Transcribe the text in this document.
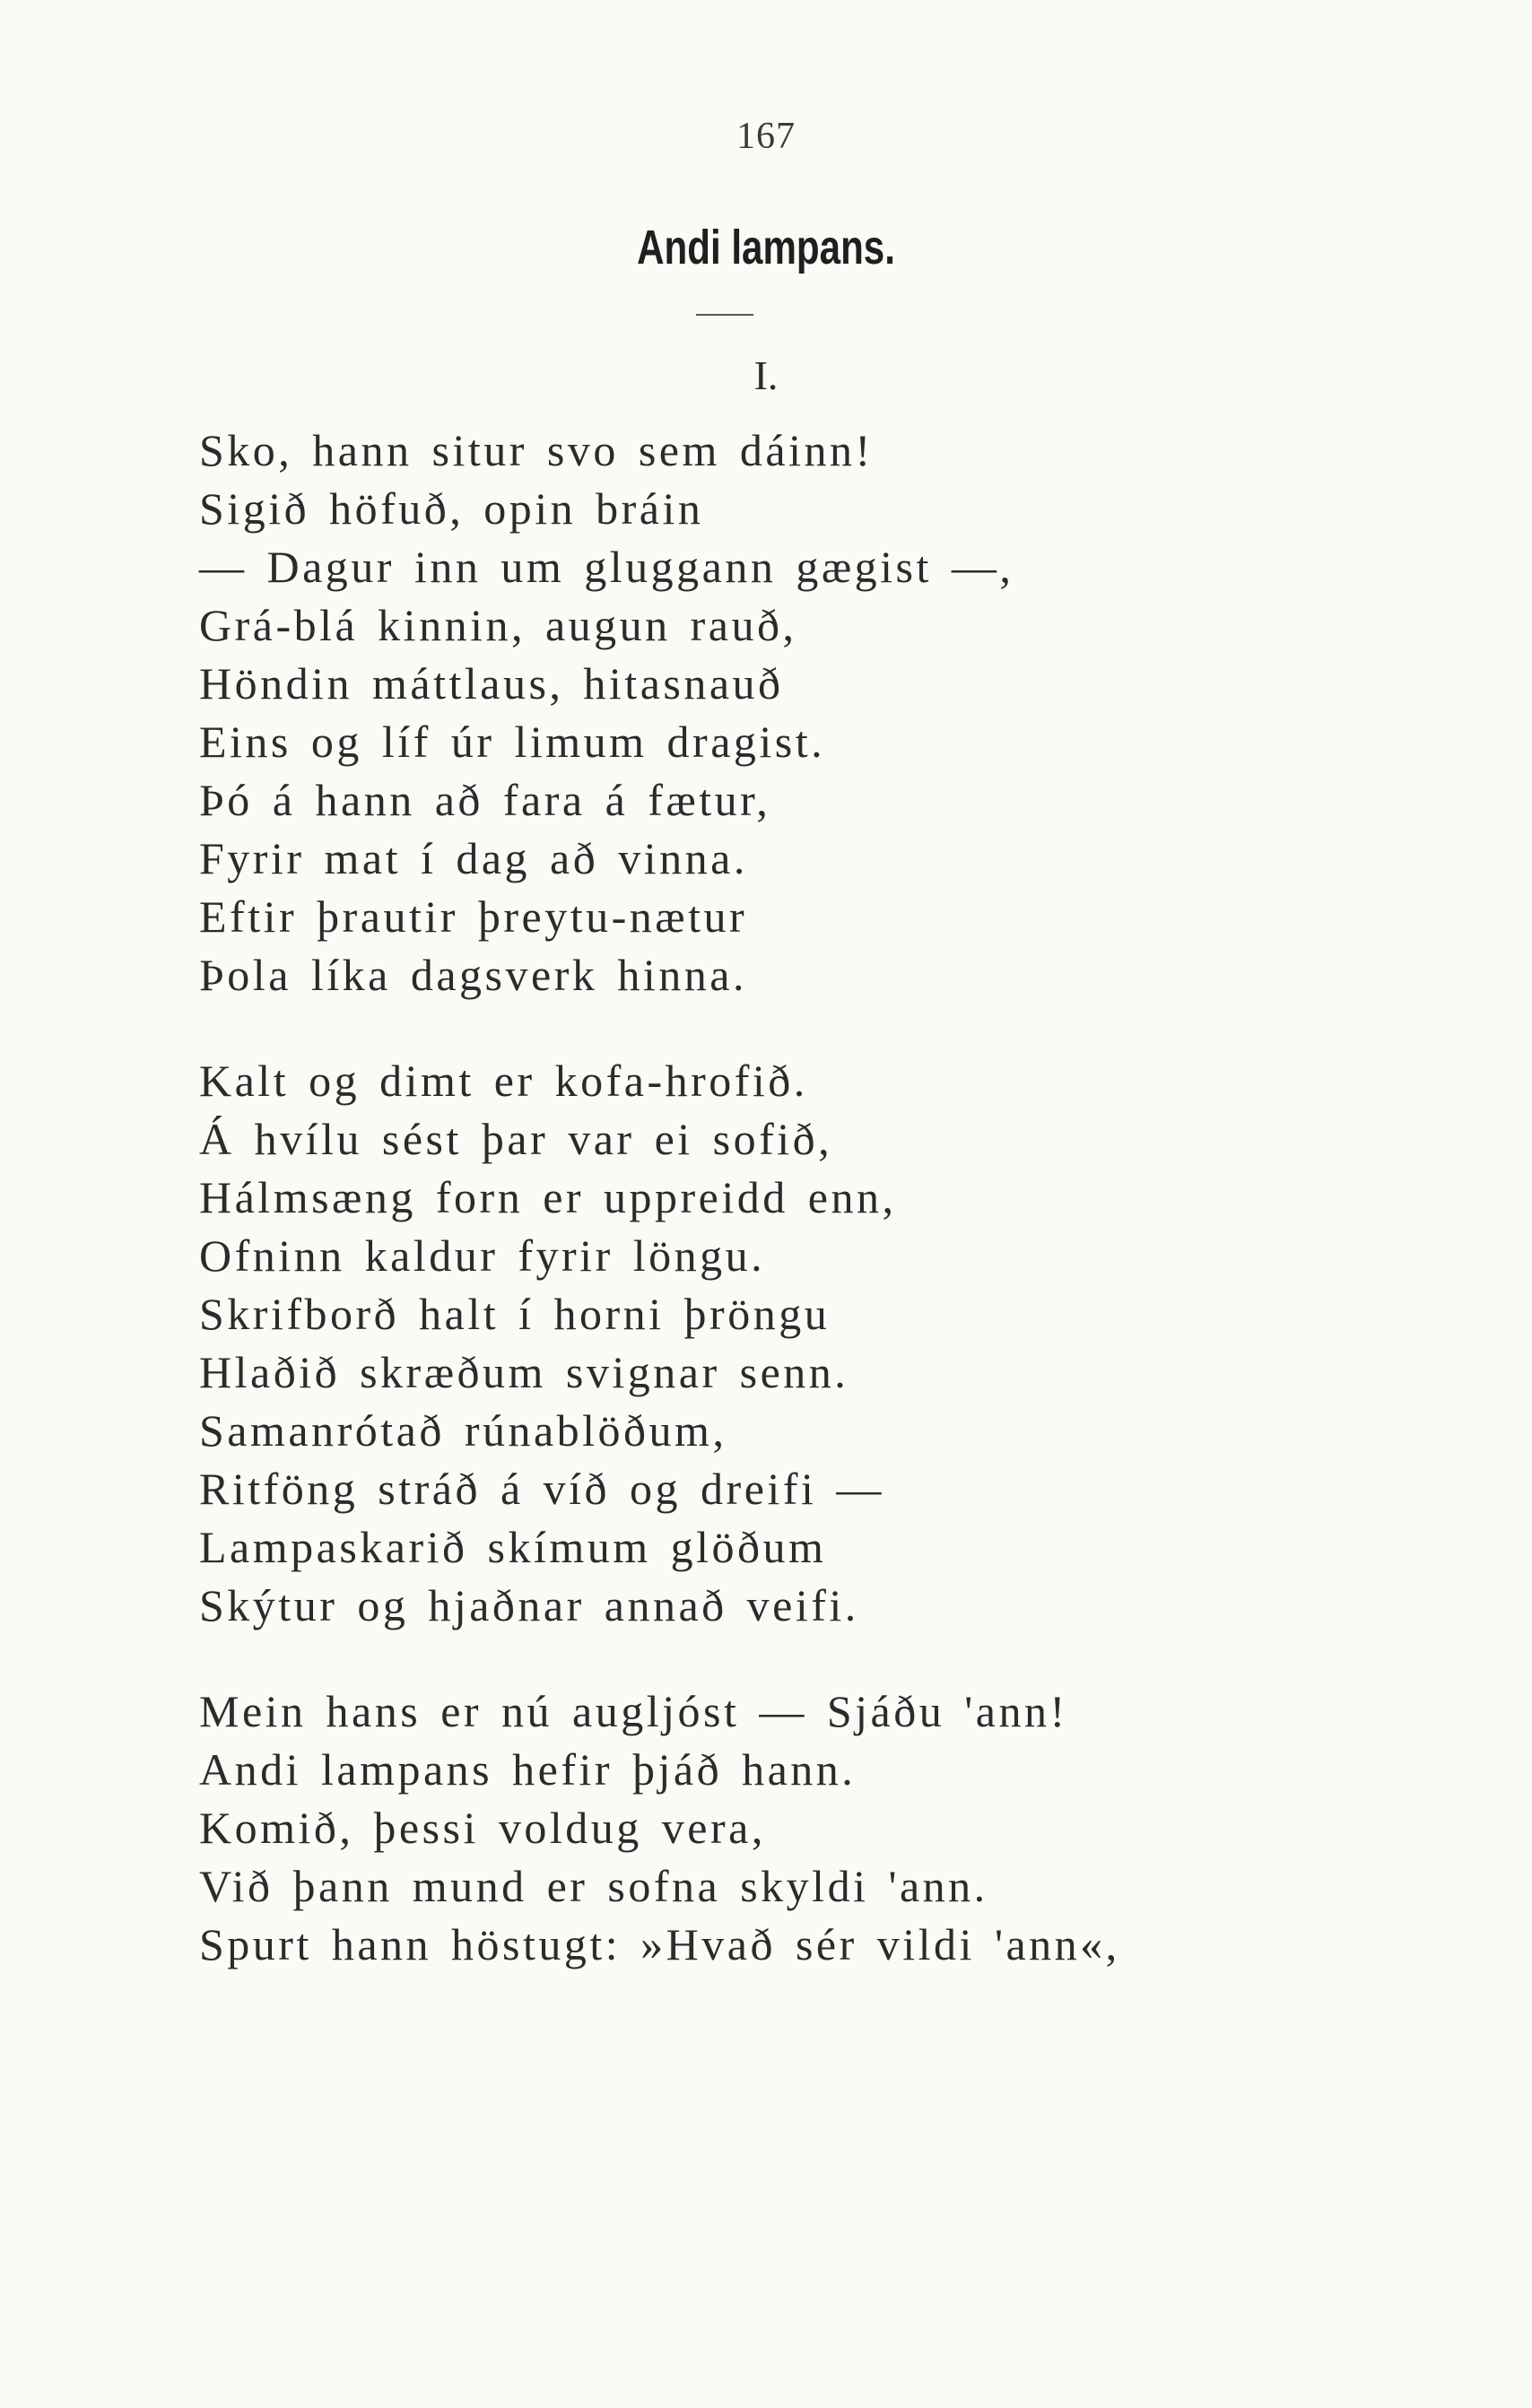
167
Andi lampans.
I.
Sko, hann situr svo sem dáinn!
Sigið höfuð, opin bráin
— Dagur inn um gluggann gægist —,
Grá-blá kinnin, augun rauð,
Höndin máttlaus, hitasnauð
Eins og líf úr limum dragist.
Þó á hann að fara á fætur,
Fyrir mat í dag að vinna.
Eftir þrautir þreytu-nætur
Þola líka dagsverk hinna.
Kalt og dimt er kofa-hrofið.
Á hvílu sést þar var ei sofið,
Hálmsæng forn er uppreidd enn,
Ofninn kaldur fyrir löngu.
Skrifborð halt í horni þröngu
Hlaðið skræðum svignar senn.
Samanrótað rúnablöðum,
Ritföng stráð á víð og dreifi —
Lampaskarið skímum glöðum
Skýtur og hjaðnar annað veifi.
Mein hans er nú augljóst — Sjáðu 'ann!
Andi lampans hefir þjáð hann.
Komið, þessi voldug vera,
Við þann mund er sofna skyldi 'ann.
Spurt hann höstugt: »Hvað sér vildi 'ann«,
